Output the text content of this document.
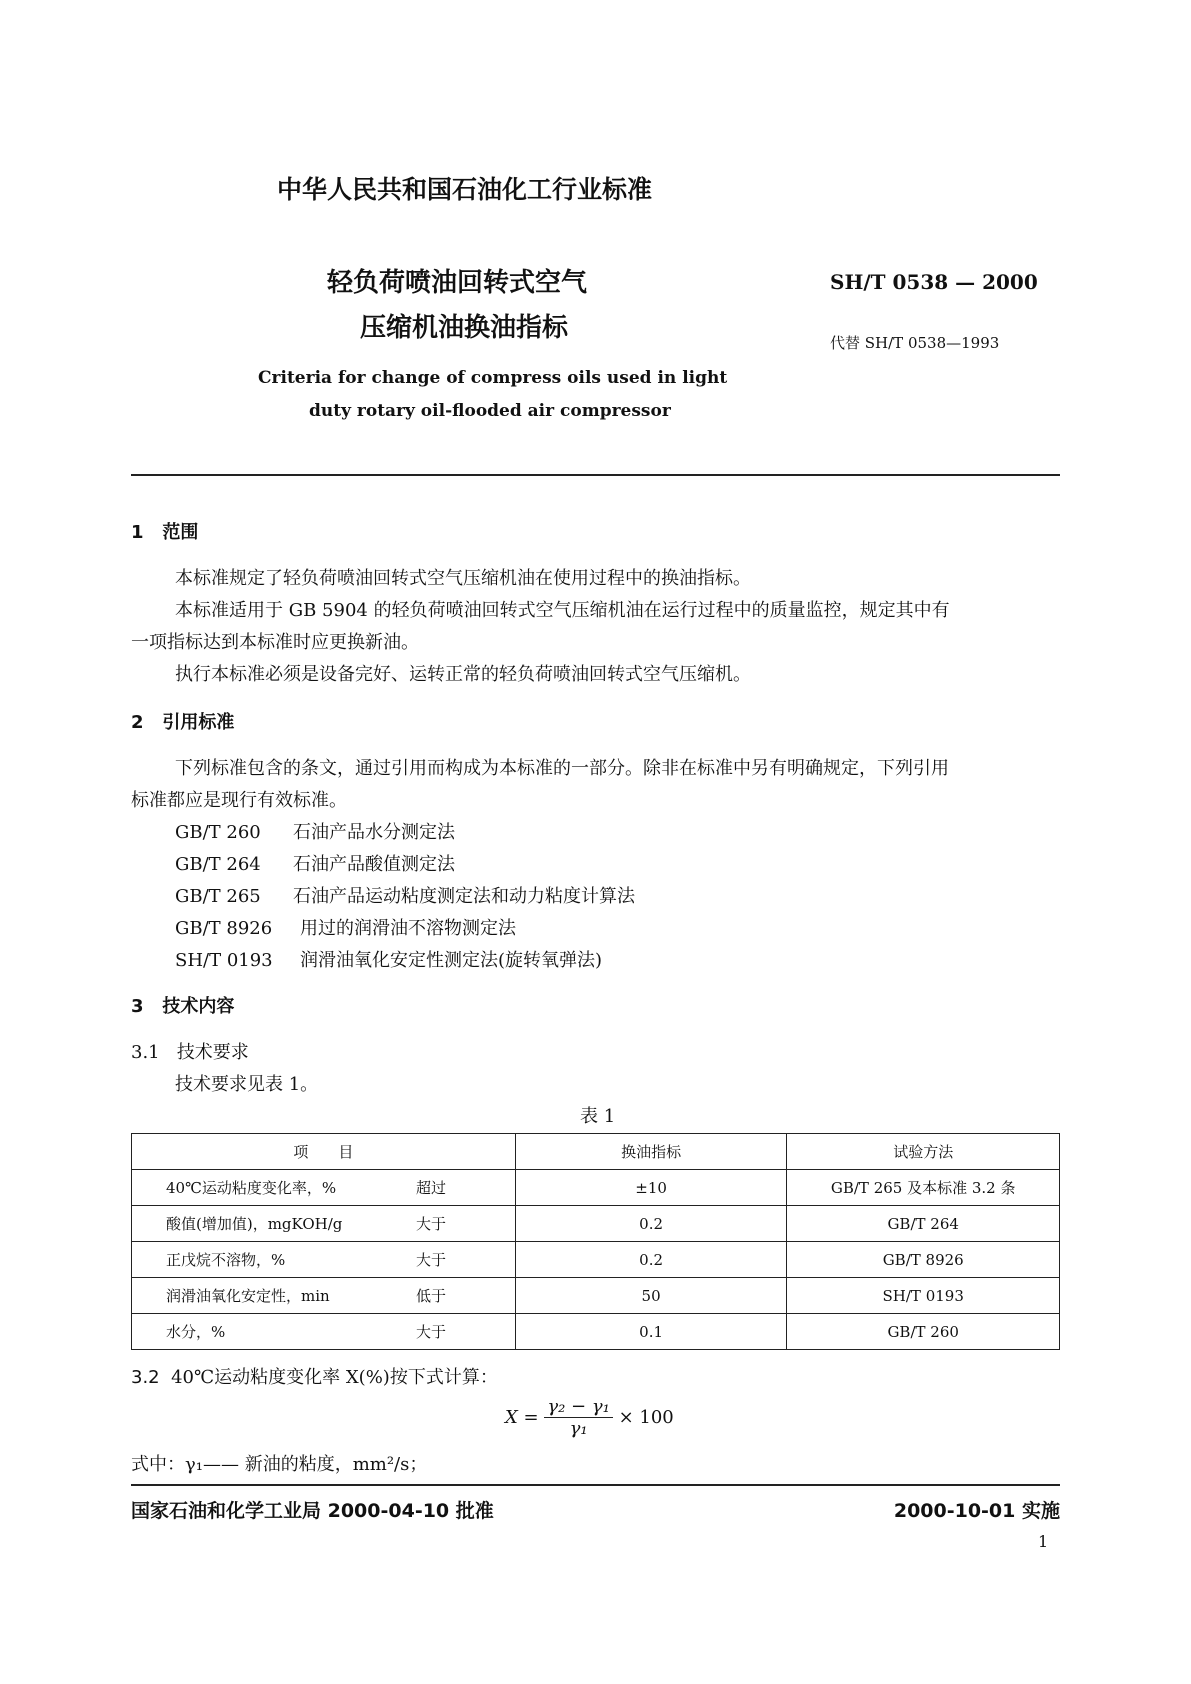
中华人民共和国石油化工行业标准
轻负荷喷油回转式空气
压缩机油换油指标
SH/T 0538 — 2000
代替 SH/T 0538—1993
Criteria for change of compress oils used in light
duty rotary oil-flooded air compressor
1 范围
本标准规定了轻负荷喷油回转式空气压缩机油在使用过程中的换油指标。
本标准适用于 GB 5904 的轻负荷喷油回转式空气压缩机油在运行过程中的质量监控，规定其中有
一项指标达到本标准时应更换新油。
执行本标准必须是设备完好、运转正常的轻负荷喷油回转式空气压缩机。
2 引用标准
下列标准包含的条文，通过引用而构成为本标准的一部分。除非在标准中另有明确规定，下列引用
标准都应是现行有效标准。
GB/T 260 石油产品水分测定法
GB/T 264 石油产品酸值测定法
GB/T 265 石油产品运动粘度测定法和动力粘度计算法
GB/T 8926 用过的润滑油不溶物测定法
SH/T 0193 润滑油氧化安定性测定法(旋转氧弹法)
3 技术内容
3.1 技术要求
技术要求见表 1。
表 1
项　　目	换油指标	试验方法
40℃运动粘度变化率，% 超过	±10	GB/T 265 及本标准 3.2 条
酸值(增加值)，mgKOH/g 大于	0.2	GB/T 264
正戊烷不溶物，% 大于	0.2	GB/T 8926
润滑油氧化安定性，min 低于	50	SH/T 0193
水分，% 大于	0.1	GB/T 260
3.2 40℃运动粘度变化率 X(%)按下式计算：
$X = \frac{\text{γ₂ − γ₁}}{\text{γ₁}} \times 100$
式中：γ₁—— 新油的粘度，mm²/s；
国家石油和化学工业局 2000-04-10 批准	2000-10-01 实施
1
